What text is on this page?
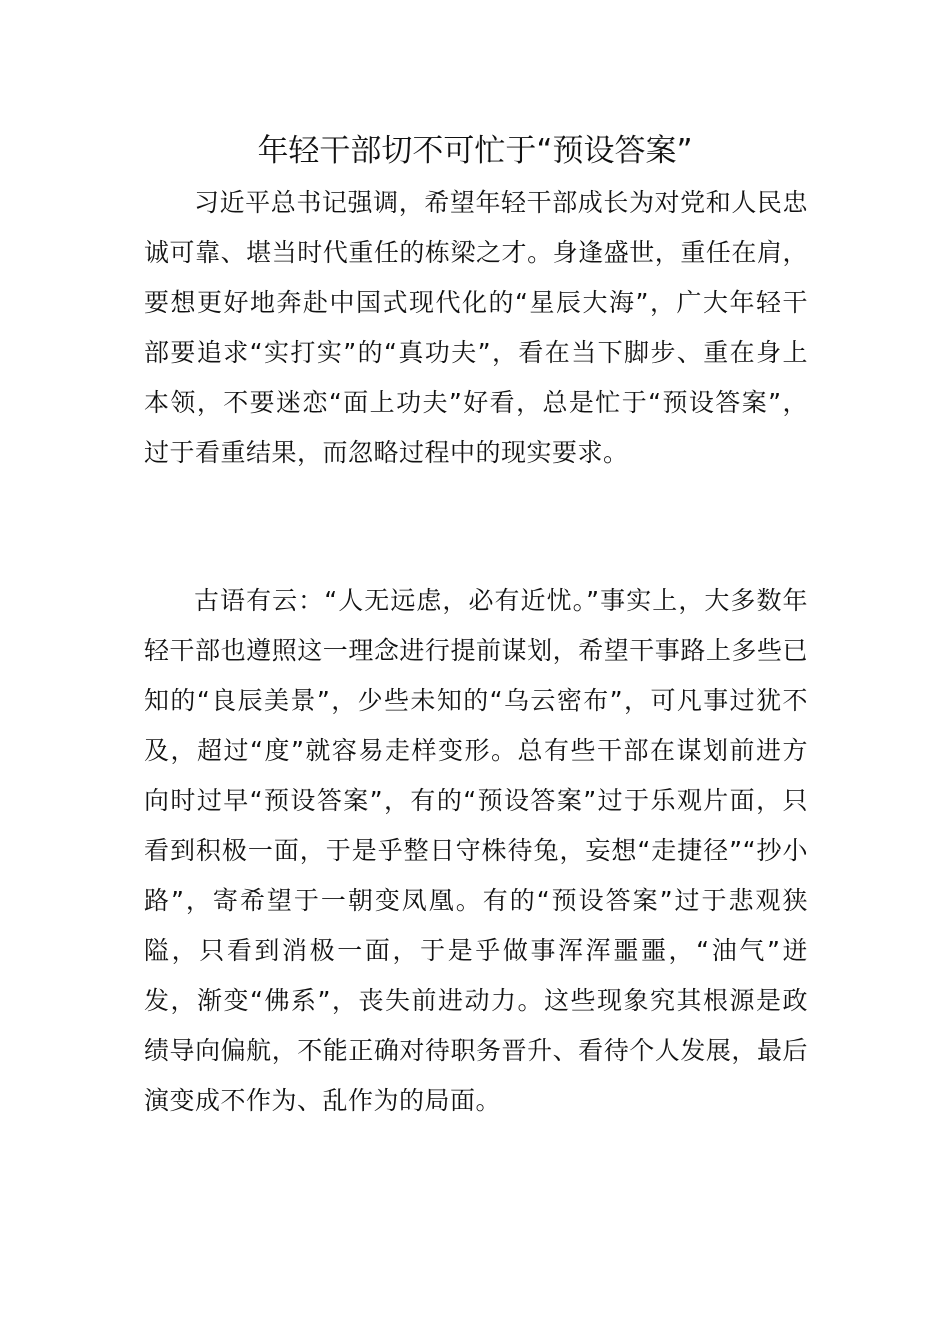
年轻干部切不可忙于“预设答案”

习近平总书记强调，希望年轻干部成长为对党和人民忠诚可靠、堪当时代重任的栋梁之才。身逢盛世，重任在肩，要想更好地奔赴中国式现代化的“星辰大海”，广大年轻干部要追求“实打实”的“真功夫”，看在当下脚步、重在身上本领，不要迷恋“面上功夫”好看，总是忙于“预设答案”，过于看重结果，而忽略过程中的现实要求。

古语有云：“人无远虑，必有近忧。”事实上，大多数年轻干部也遵照这一理念进行提前谋划，希望干事路上多些已知的“良辰美景”，少些未知的“乌云密布”，可凡事过犹不及，超过“度”就容易走样变形。总有些干部在谋划前进方向时过早“预设答案”，有的“预设答案”过于乐观片面，只看到积极一面，于是乎整日守株待兔，妄想“走捷径”“抄小路”，寄希望于一朝变凤凰。有的“预设答案”过于悲观狭隘，只看到消极一面，于是乎做事浑浑噩噩，“油气”迸发，渐变“佛系”，丧失前进动力。这些现象究其根源是政绩导向偏航，不能正确对待职务晋升、看待个人发展，最后演变成不作为、乱作为的局面。
